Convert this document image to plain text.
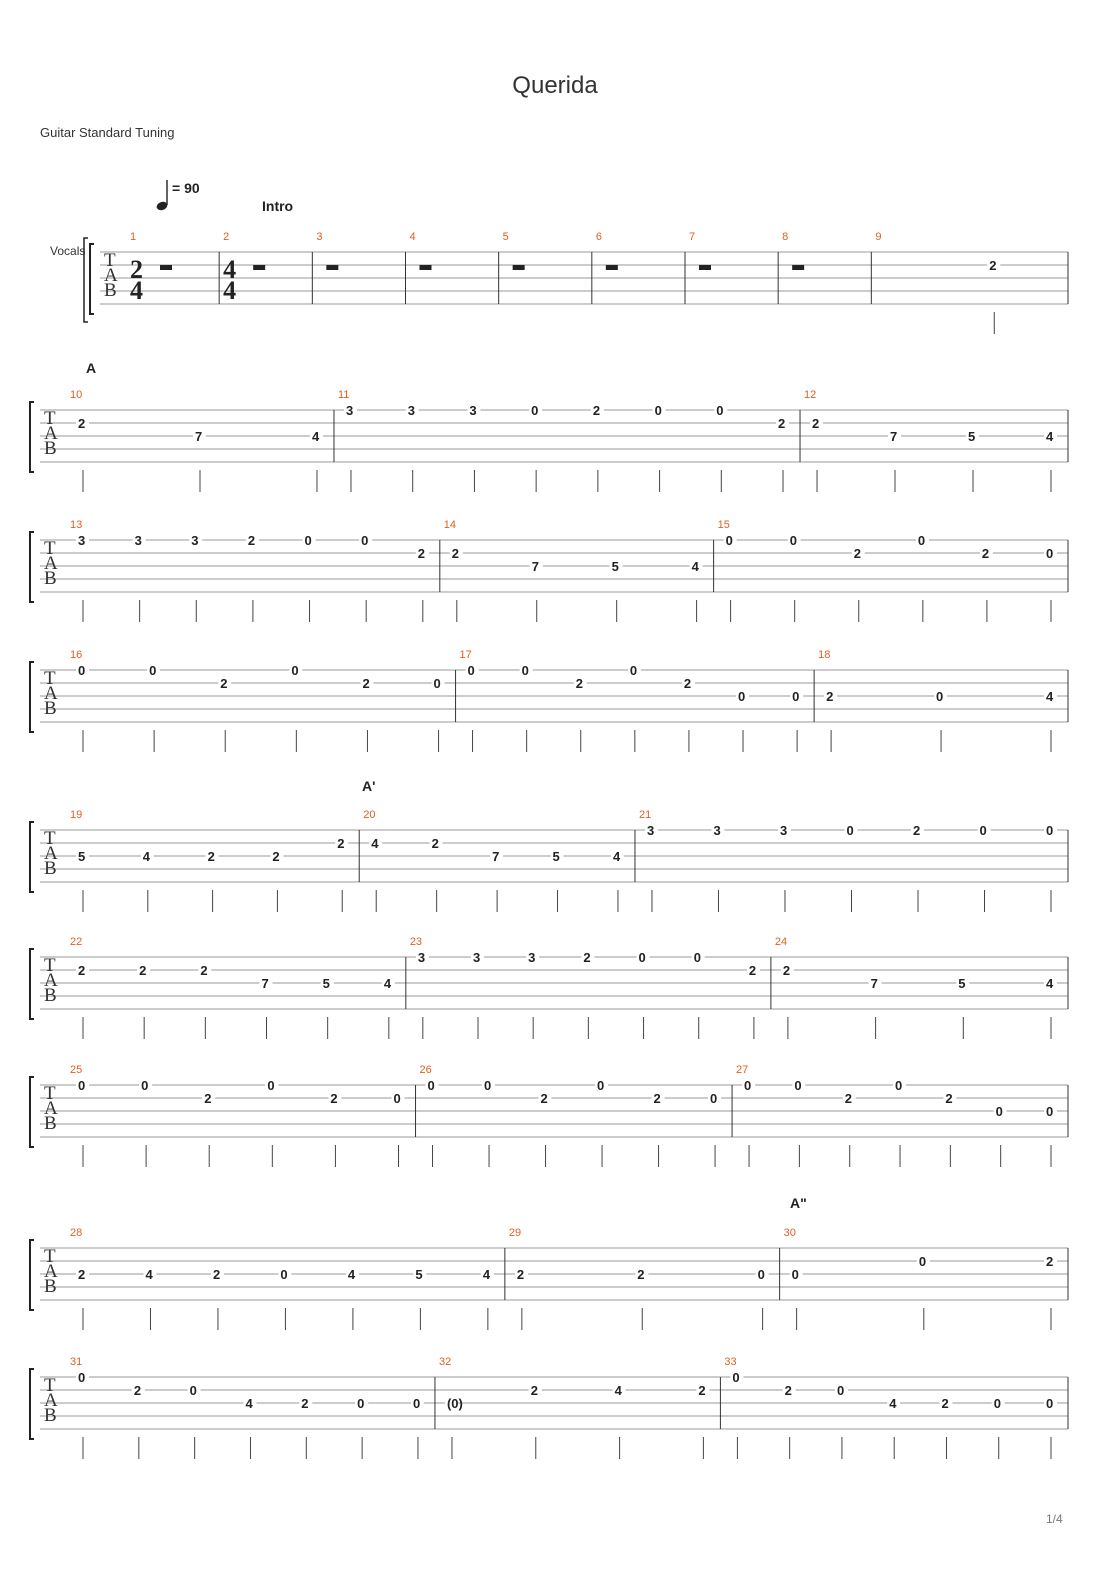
Querida
Guitar Standard Tuning
= 90
Vocals
Intro
A
A'
A"
T
A
B
1
2
4
2
4
4
3	4	5	6	7	8	9
2
T
A
B
10
2
7	4
11
3	3	3	0	2	0	0
2
12
2
7	5	4
T
A
B
13
3	3	3	2	0	0
2
14
2
7	5	4
15
0	0
2
0
2	0
T
A
B
16
0	0
2
0
2	0
17
0	0
2
0
2
0	0
18
2	0	4
T
A
B
19
5	4	2	2
2
20
4	2
7	5	4
21
3	3	3	0	2	0	0
T
A
B
22
2	2	2
7	5	4
23
3	3	3	2	0	0
2
24
2
7	5	4
T
A
B
25
0	0
2
0
2	0
26
0	0
2
0
2	0
27
0	0
2
0
2
0	0
T
A
B
28
2	4	2	0	4	5	4
29
2	2	0
30
0
0	2
T
A
B
31
0
2	0
4	2	0	0
32
(0)
2	4	2
33
0
2	0
4	2	0	0
1/4
